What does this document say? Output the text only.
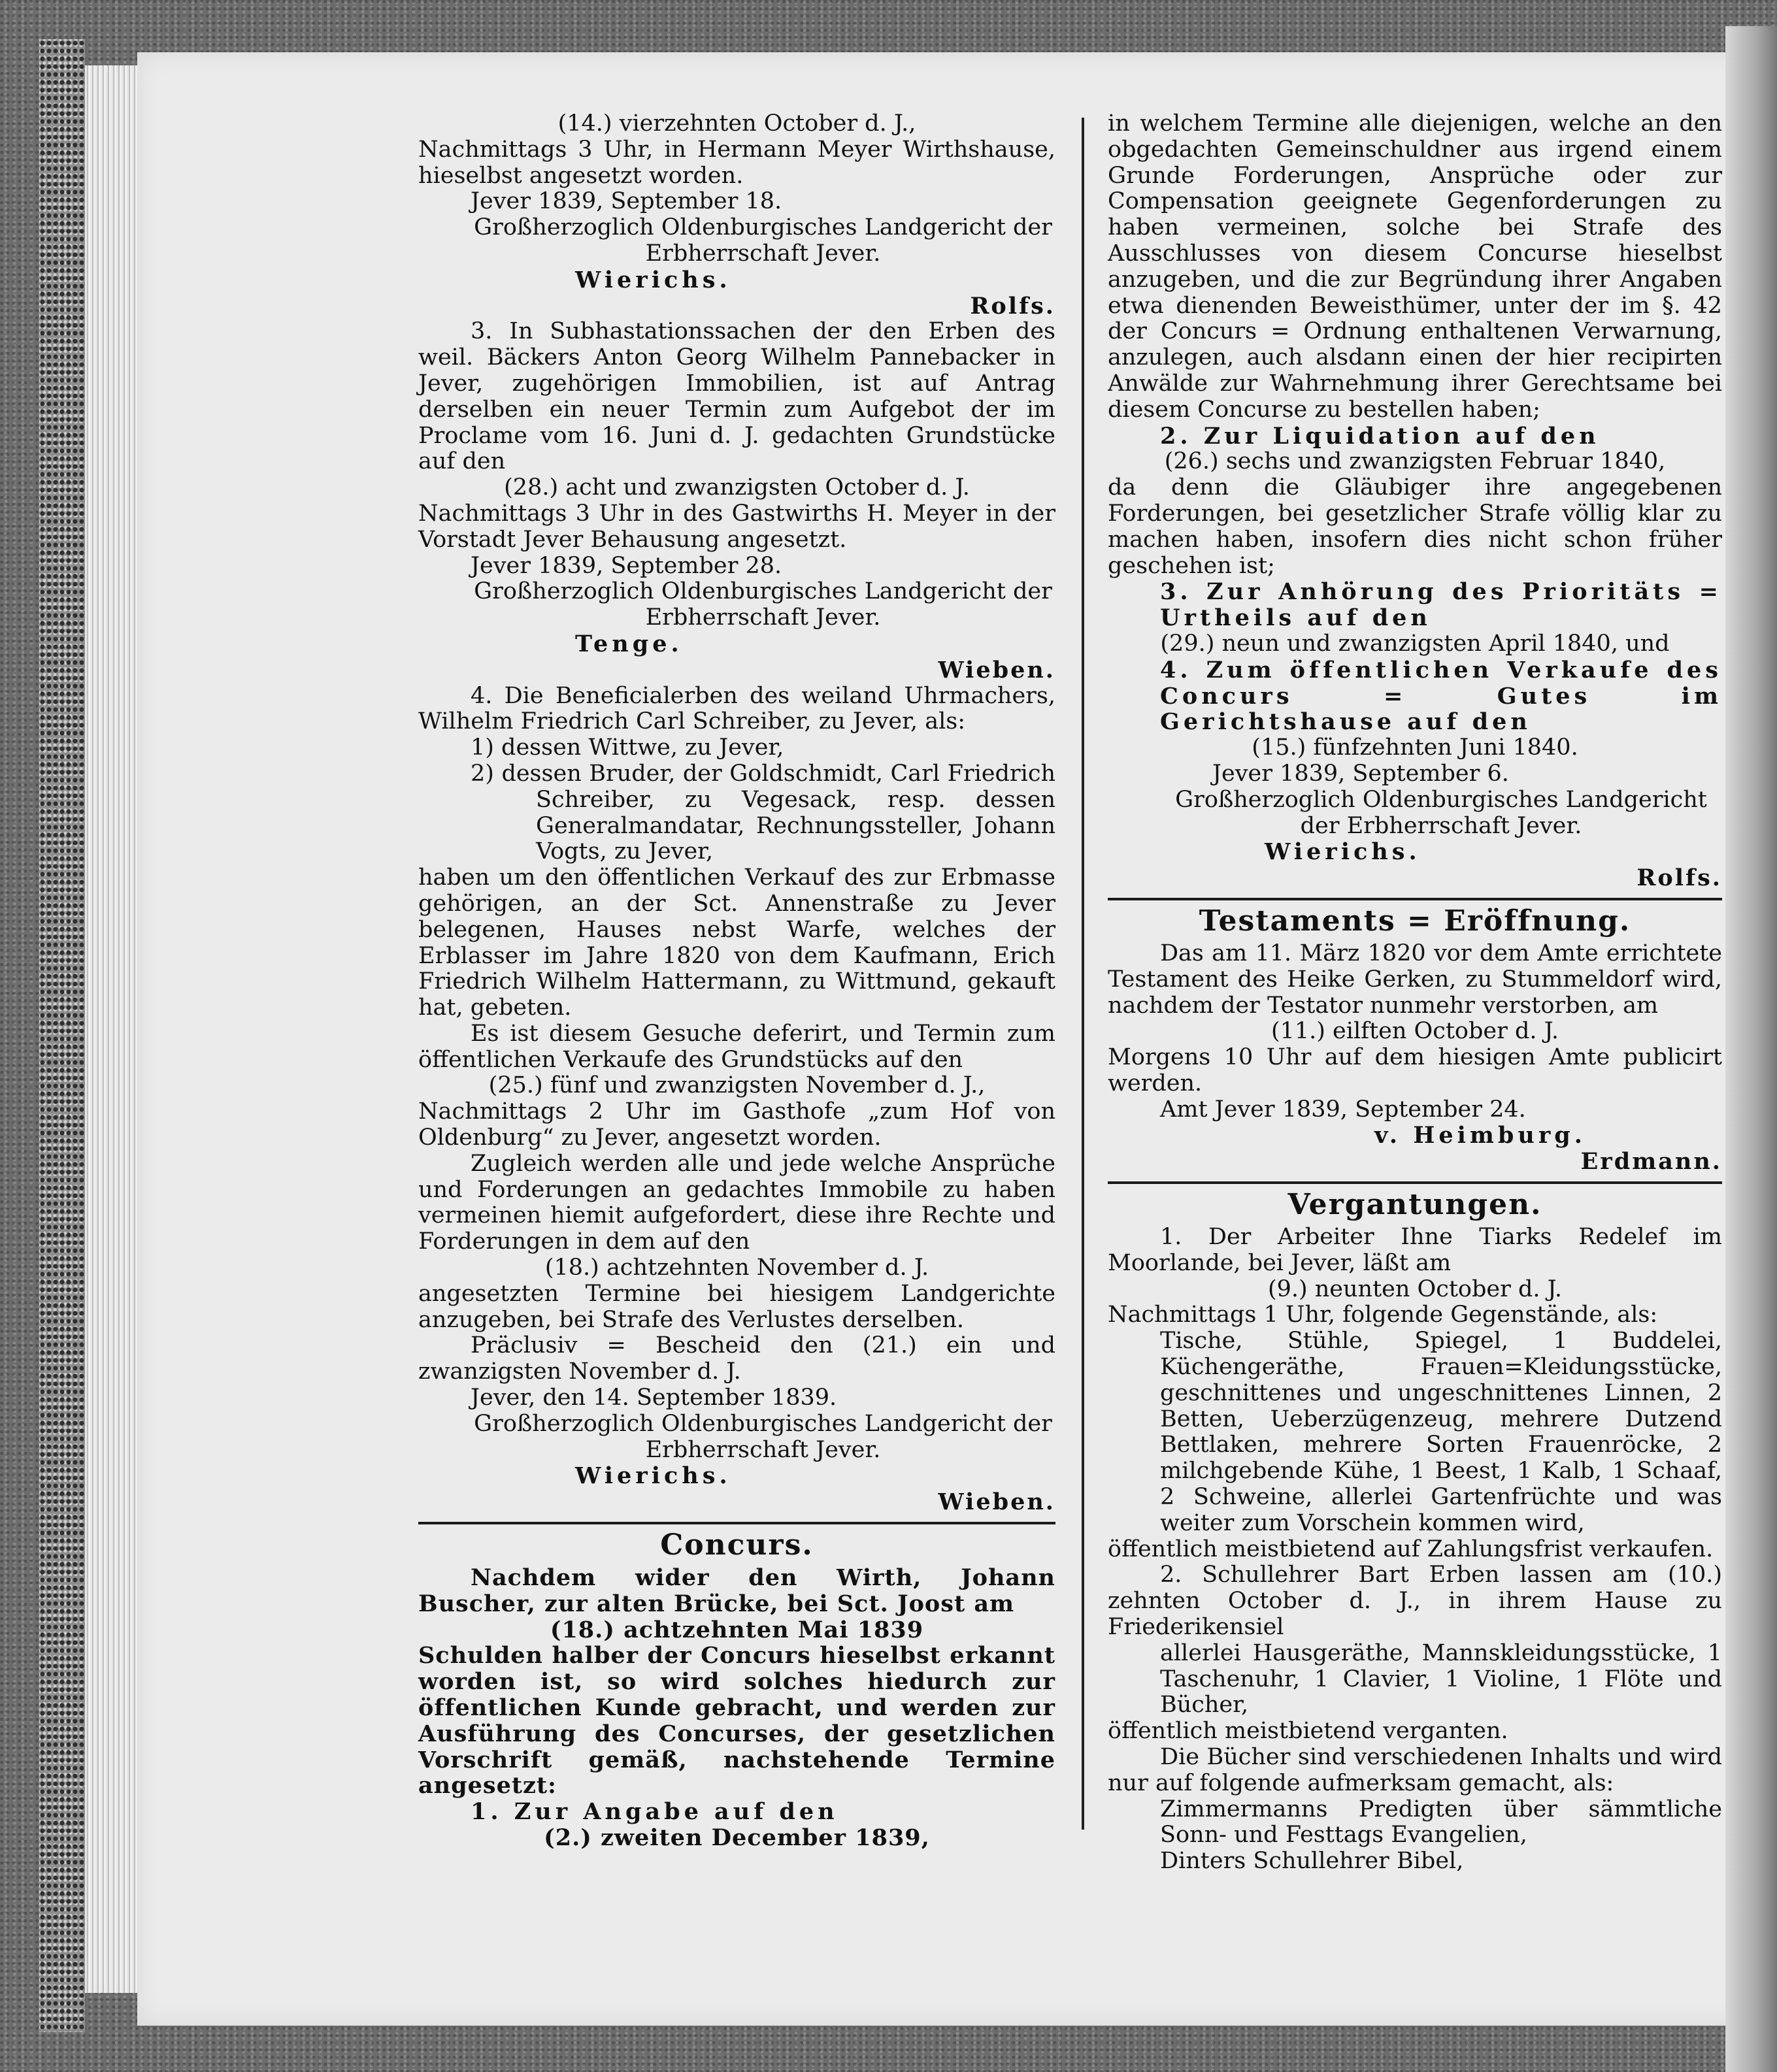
(14.) vierzehnten October d. J.,

Nachmittags 3 Uhr, in Hermann Meyer Wirthshause, hieselbst angesetzt worden.

Jever 1839, September 18.

Großherzoglich Oldenburgisches Landgericht der Erbherrschaft Jever.

Wierichs.

Rolfs.

3. In Subhastationssachen der den Erben des weil. Bäckers Anton Georg Wilhelm Pannebacker in Jever, zugehörigen Immobilien, ist auf Antrag derselben ein neuer Termin zum Aufgebot der im Proclame vom 16. Juni d. J. gedachten Grundstücke auf den

(28.) acht und zwanzigsten October d. J.

Nachmittags 3 Uhr in des Gastwirths H. Meyer in der Vorstadt Jever Behausung angesetzt.

Jever 1839, September 28.

Großherzoglich Oldenburgisches Landgericht der Erbherrschaft Jever.

Tenge.

Wieben.

4. Die Beneficialerben des weiland Uhrmachers, Wilhelm Friedrich Carl Schreiber, zu Jever, als:

1) dessen Wittwe, zu Jever,

2) dessen Bruder, der Goldschmidt, Carl Friedrich Schreiber, zu Vegesack, resp. dessen Generalmandatar, Rechnungssteller, Johann Vogts, zu Jever,

haben um den öffentlichen Verkauf des zur Erbmasse gehörigen, an der Sct. Annenstraße zu Jever belegenen, Hauses nebst Warfe, welches der Erblasser im Jahre 1820 von dem Kaufmann, Erich Friedrich Wilhelm Hattermann, zu Wittmund, gekauft hat, gebeten.

Es ist diesem Gesuche deferirt, und Termin zum öffentlichen Verkaufe des Grundstücks auf den

(25.) fünf und zwanzigsten November d. J.,

Nachmittags 2 Uhr im Gasthofe „zum Hof von Oldenburg“ zu Jever, angesetzt worden.

Zugleich werden alle und jede welche Ansprüche und Forderungen an gedachtes Immobile zu haben vermeinen hiemit aufgefordert, diese ihre Rechte und Forderungen in dem auf den

(18.) achtzehnten November d. J.

angesetzten Termine bei hiesigem Landgerichte anzugeben, bei Strafe des Verlustes derselben.

Präclusiv = Bescheid den (21.) ein und zwanzigsten November d. J.

Jever, den 14. September 1839.

Großherzoglich Oldenburgisches Landgericht der Erbherrschaft Jever.

Wierichs.

Wieben.

Concurs.

Nachdem wider den Wirth, Johann Buscher, zur alten Brücke, bei Sct. Joost am

(18.) achtzehnten Mai 1839

Schulden halber der Concurs hieselbst erkannt worden ist, so wird solches hiedurch zur öffentlichen Kunde gebracht, und werden zur Ausführung des Concurses, der gesetzlichen Vorschrift gemäß, nachstehende Termine angesetzt:

1. Zur Angabe auf den

(2.) zweiten December 1839,

in welchem Termine alle diejenigen, welche an den obgedachten Gemeinschuldner aus irgend einem Grunde Forderungen, Ansprüche oder zur Compensation geeignete Gegenforderungen zu haben vermeinen, solche bei Strafe des Ausschlusses von diesem Concurse hieselbst anzugeben, und die zur Begründung ihrer Angaben etwa dienenden Beweisthümer, unter der im §. 42 der Concurs = Ordnung enthaltenen Verwarnung, anzulegen, auch alsdann einen der hier recipirten Anwälde zur Wahrnehmung ihrer Gerechtsame bei diesem Concurse zu bestellen haben;

2. Zur Liquidation auf den

(26.) sechs und zwanzigsten Februar 1840,

da denn die Gläubiger ihre angegebenen Forderungen, bei gesetzlicher Strafe völlig klar zu machen haben, insofern dies nicht schon früher geschehen ist;

3. Zur Anhörung des Prioritäts = Urtheils auf den

(29.) neun und zwanzigsten April 1840, und

4. Zum öffentlichen Verkaufe des Concurs = Gutes im Gerichtshause auf den

(15.) fünfzehnten Juni 1840.

Jever 1839, September 6.

Großherzoglich Oldenburgisches Landgericht der Erbherrschaft Jever.

Wierichs.

Rolfs.

Testaments = Eröffnung.

Das am 11. März 1820 vor dem Amte errichtete Testament des Heike Gerken, zu Stummeldorf wird, nachdem der Testator nunmehr verstorben, am

(11.) eilften October d. J.

Morgens 10 Uhr auf dem hiesigen Amte publicirt werden.

Amt Jever 1839, September 24.

v. Heimburg.

Erdmann.

Vergantungen.

1. Der Arbeiter Ihne Tiarks Redelef im Moorlande, bei Jever, läßt am

(9.) neunten October d. J.

Nachmittags 1 Uhr, folgende Gegenstände, als:

Tische, Stühle, Spiegel, 1 Buddelei, Küchengeräthe, Frauen=Kleidungsstücke, geschnittenes und ungeschnittenes Linnen, 2 Betten, Ueberzügenzeug, mehrere Dutzend Bettlaken, mehrere Sorten Frauenröcke, 2 milchgebende Kühe, 1 Beest, 1 Kalb, 1 Schaaf, 2 Schweine, allerlei Gartenfrüchte und was weiter zum Vorschein kommen wird,

öffentlich meistbietend auf Zahlungsfrist verkaufen.

2. Schullehrer Bart Erben lassen am (10.) zehnten October d. J., in ihrem Hause zu Friederikensiel

allerlei Hausgeräthe, Mannskleidungsstücke, 1 Taschenuhr, 1 Clavier, 1 Violine, 1 Flöte und Bücher,

öffentlich meistbietend verganten.

Die Bücher sind verschiedenen Inhalts und wird nur auf folgende aufmerksam gemacht, als:

Zimmermanns Predigten über sämmtliche Sonn- und Festtags Evangelien,

Dinters Schullehrer Bibel,
